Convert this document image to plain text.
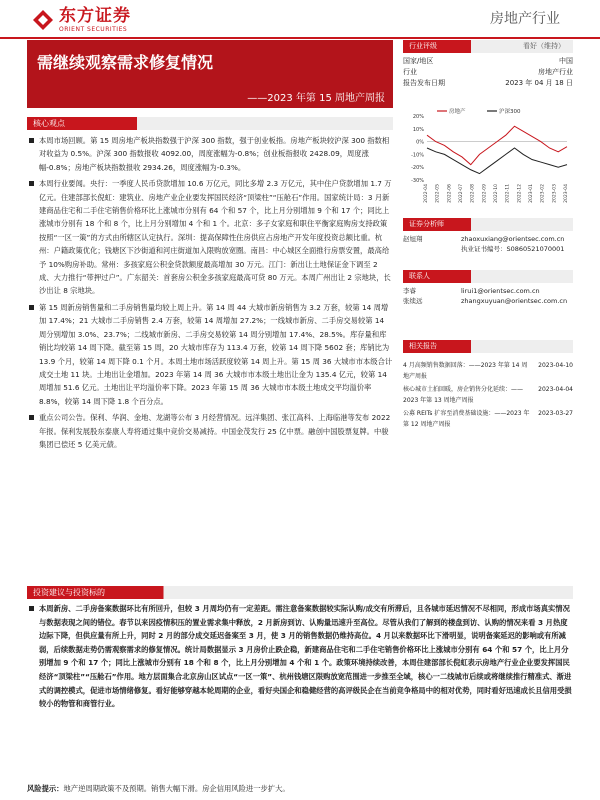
东方证券
ORIENT SECURITIES
房地产行业
需继续观察需求修复情况
——2023 年第 15 周地产周报
行业评级	看好（维持）
国家/地区	中国
行业	房地产行业
报告发布日期	2023 年 04 月 18 日
20%
10%
0%
-10%
-20%
-30%
房地产	沪深300
2022-04 2022-05 2022-06 2022-07 2022-08 2022-09 2022-10 2022-11 2022-12 2023-01 2023-02 2023-03 2023-04
证券分析师
赵旭翔	zhaoxuxiang@orientsec.com.cn
执业证书编号：S0860521070001
联系人
李睿	lirui1@orientsec.com.cn
张续远	zhangxuyuan@orientsec.com.cn
相关报告
4 月高频销售数据回落：——2023 年第 14 周地产周报
2023-04-10
核心城市土拍回暖，房企销售分化延续：——2023 年第 13 周地产周报
2023-04-04
公募 REITs 扩容至消费基础设施：——2023 年第 12 周地产周报
2023-03-27
核心观点
本周市场回顾。第 15 周房地产板块指数强于沪深 300 指数，强于创业板指。房地产板块较沪深 300 指数相对收益为 0.5%。沪深 300 指数报收 4092.00，周度涨幅为-0.8%；创业板指报收 2428.09，周度涨幅-0.8%；房地产板块指数报收 2934.26，周度涨幅为-0.3%。
本周行业要闻。央行：一季度人民币贷款增加 10.6 万亿元，同比多增 2.3 万亿元，其中住户贷款增加 1.7 万亿元。住建部部长倪虹：建筑业、房地产业企业要发挥国民经济“顶梁柱”“压舱石”作用。国家统计局：3 月新建商品住宅和二手住宅销售价格环比上涨城市分别有 64 个和 57 个，比上月分别增加 9 个和 17 个；同比上涨城市分别有 18 个和 8 个，比上月分别增加 4 个和 1 个。北京：多子女家庭和职住平衡家庭购房支持政策按照“一区一策”的方式由所辖区认定执行。深圳：提高保障性住房供应占房地产开发年度投资总额比重。杭州：户籍政策优化；钱塘区下沙街道和河庄街道加入限购放宽圈。南昌：中心城区全面推行房票安置，最高给予 10%购房补助。常州：多孩家庭公积金贷款额度最高增加 30 万元。江门：新出让土地保证金下调至 2 成、大力推行“带押过户”。广东韶关：首套房公积金多孩家庭最高可贷 80 万元。本周广州出让 2 宗地块，长沙出让 8 宗地块。
第 15 周新房销售量和二手房销售量均较上周上升。第 14 周 44 大城市新房销售为 3.2 万套，较第 14 周增加 17.4%；21 大城市二手房销售 2.4 万套，较第 14 周增加 27.2%；一线城市新房、二手房交易较第 14 周分别增加 3.0%、23.7%；二线城市新房、二手房交易较第 14 周分别增加 17.4%、28.5%。库存量和库销比均较第 14 周下降。截至第 15 周，20 大城市库存为 113.4 万套，较第 14 周下降 5602 套；库销比为 13.9 个月，较第 14 周下降 0.1 个月。本周土地市场活跃度较第 14 周上升。第 15 周 36 大城市市本级合计成交土地 11 块。土地出让金增加。2023 年第 14 周 36 大城市市本级土地出让金为 135.4 亿元，较第 14 周增加 51.6 亿元。土地出让平均溢价率下降。2023 年第 15 周 36 大城市市本级土地成交平均溢价率 8.8%，较第 14 周下降 1.8 个百分点。
重点公司公告。保利、华润、金地、龙湖等公布 3 月经营情况。远洋集团、张江高科、上海临港等发布 2022 年报。保利发展股东泰康人寿将通过集中竞价交易减持。中国金茂发行 25 亿中票。融创中国股票复牌。中骏集团已偿还 5 亿美元债。
投资建议与投资标的
本周新房、二手房备案数据环比有所回升，但较 3 月周均仍有一定差距。需注意备案数据较实际认购/成交有所滞后，且各城市延迟情况不尽相同，形成市场真实情况与数据表现之间的错位。春节以来因疫情积压的置业需求集中释放，2 月新房到访、认购量迅速升至高位。尽管从我们了解到的楼盘到访、认购的情况来看 3 月热度边际下降，但供应量有所上升，同时 2 月的部分成交延迟备案至 3 月，使 3 月的销售数据仍维持高位。4 月以来数据环比下滑明显，说明备案延迟的影响或有所减弱，后续数据走势仍需观察需求的修复情况。统计局数据显示 3 月房价止跌企稳，新建商品住宅和二手住宅销售价格环比上涨城市分别有 64 个和 57 个，比上月分别增加 9 个和 17 个；同比上涨城市分别有 18 个和 8 个，比上月分别增加 4 个和 1 个。政策环境持续改善，本周住建部部长倪虹表示房地产行业企业要发挥国民经济“顶梁柱”“压舱石”作用。地方层面集合北京房山区试点“一区一策”、杭州钱塘区限购放宽范围进一步推至全域，核心一二线城市后续或将继续推行精准式、渐进式的调控模式，促进市场情绪修复。看好能够穿越本轮周期的企业，看好央国企和稳健经营的高评级民企在当前竞争格局中的相对优势，同时看好迅速成长且信用受损较小的物管和商管行业。
风险提示：地产逆周期政策不及预期。销售大幅下滑。房企信用风险进一步扩大。
